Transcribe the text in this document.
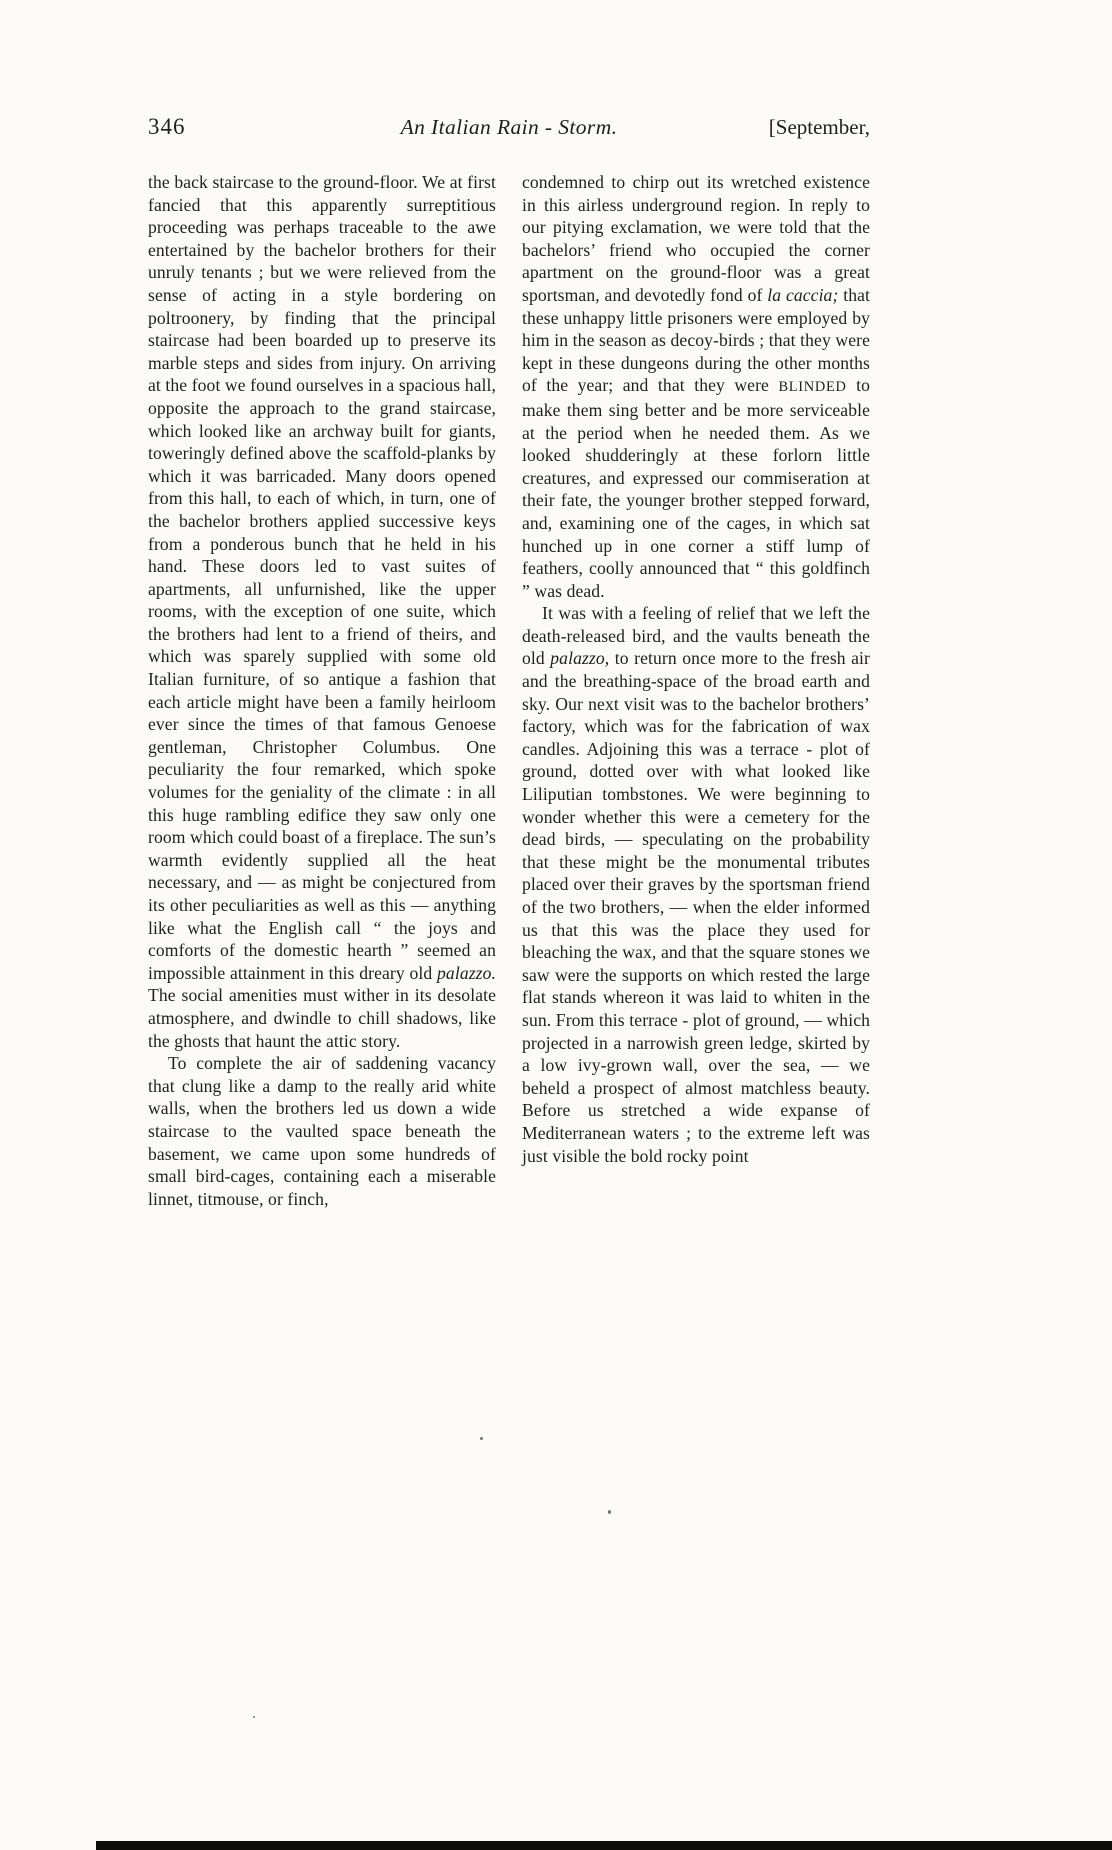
346	An Italian Rain - Storm.	[September,

the back staircase to the ground-floor. We at first fancied that this apparently surreptitious proceeding was perhaps traceable to the awe entertained by the bachelor brothers for their unruly tenants ; but we were relieved from the sense of acting in a style bordering on poltroonery, by finding that the principal staircase had been boarded up to preserve its marble steps and sides from injury. On arriving at the foot we found ourselves in a spacious hall, opposite the approach to the grand staircase, which looked like an archway built for giants, toweringly defined above the scaffold-planks by which it was barricaded. Many doors opened from this hall, to each of which, in turn, one of the bachelor brothers applied successive keys from a ponderous bunch that he held in his hand. These doors led to vast suites of apartments, all unfurnished, like the upper rooms, with the exception of one suite, which the brothers had lent to a friend of theirs, and which was sparely supplied with some old Italian furniture, of so antique a fashion that each article might have been a family heirloom ever since the times of that famous Genoese gentleman, Christopher Columbus. One peculiarity the four remarked, which spoke volumes for the geniality of the climate : in all this huge rambling edifice they saw only one room which could boast of a fireplace. The sun’s warmth evidently supplied all the heat necessary, and — as might be conjectured from its other peculiarities as well as this — anything like what the English call “ the joys and comforts of the domestic hearth ” seemed an impossible attainment in this dreary old palazzo. The social amenities must wither in its desolate atmosphere, and dwindle to chill shadows, like the ghosts that haunt the attic story.

To complete the air of saddening vacancy that clung like a damp to the really arid white walls, when the brothers led us down a wide staircase to the vaulted space beneath the basement, we came upon some hundreds of small bird-cages, containing each a miserable linnet, titmouse, or finch,

condemned to chirp out its wretched existence in this airless underground region. In reply to our pitying exclamation, we were told that the bachelors’ friend who occupied the corner apartment on the ground-floor was a great sportsman, and devotedly fond of la caccia; that these unhappy little prisoners were employed by him in the season as decoy-birds ; that they were kept in these dungeons during the other months of the year; and that they were BLINDED to make them sing better and be more serviceable at the period when he needed them. As we looked shudderingly at these forlorn little creatures, and expressed our commiseration at their fate, the younger brother stepped forward, and, examining one of the cages, in which sat hunched up in one corner a stiff lump of feathers, coolly announced that “ this goldfinch ” was dead.

It was with a feeling of relief that we left the death-released bird, and the vaults beneath the old palazzo, to return once more to the fresh air and the breathing-space of the broad earth and sky. Our next visit was to the bachelor brothers’ factory, which was for the fabrication of wax candles. Adjoining this was a terrace - plot of ground, dotted over with what looked like Liliputian tombstones. We were beginning to wonder whether this were a cemetery for the dead birds, — speculating on the probability that these might be the monumental tributes placed over their graves by the sportsman friend of the two brothers, — when the elder informed us that this was the place they used for bleaching the wax, and that the square stones we saw were the supports on which rested the large flat stands whereon it was laid to whiten in the sun. From this terrace - plot of ground, — which projected in a narrowish green ledge, skirted by a low ivy-grown wall, over the sea, — we beheld a prospect of almost matchless beauty. Before us stretched a wide expanse of Mediterranean waters ; to the extreme left was just visible the bold rocky point
